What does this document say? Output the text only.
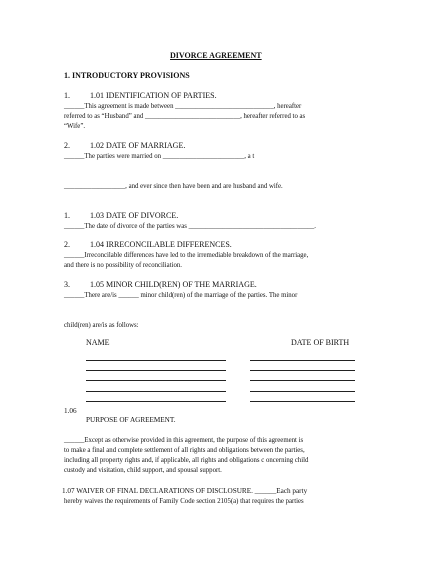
DIVORCE AGREEMENT
1. INTRODUCTORY PROVISIONS
1.	1.01 IDENTIFICATION OF PARTIES.
______This agreement is made between _____________________________, hereafter
referred to as “Husband” and ____________________________, hereafter referred to as
“Wife”.
2.	1.02 DATE OF MARRIAGE.
______The parties were married on ________________________, a t
__________________, and ever since then have been and are husband and wife.
1.	1.03 DATE OF DIVORCE.
______The date of divorce of the parties was _____________________________________.
2.	1.04 IRRECONCILABLE DIFFERENCES.
______Irreconcilable differences have led to the irremediable breakdown of the marriage,
and there is no possibility of reconciliation.
3.	1.05 MINOR CHILD(REN) OF THE MARRIAGE.
______There are/is ______ minor child(ren) of the marriage of the parties. The minor
child(ren) are/is as follows:
NAME	DATE OF BIRTH
1.06
PURPOSE OF AGREEMENT.
______Except as otherwise provided in this agreement, the purpose of this agreement is
to make a final and complete settlement of all rights and obligations between the parties,
including all property rights and, if applicable, all rights and obligations c oncerning child
custody and visitation, child support, and spousal support.
1.07 WAIVER OF FINAL DECLARATIONS OF DISCLOSURE. ______Each party
hereby waives the requirements of Family Code section 2105(a) that requires the parties
